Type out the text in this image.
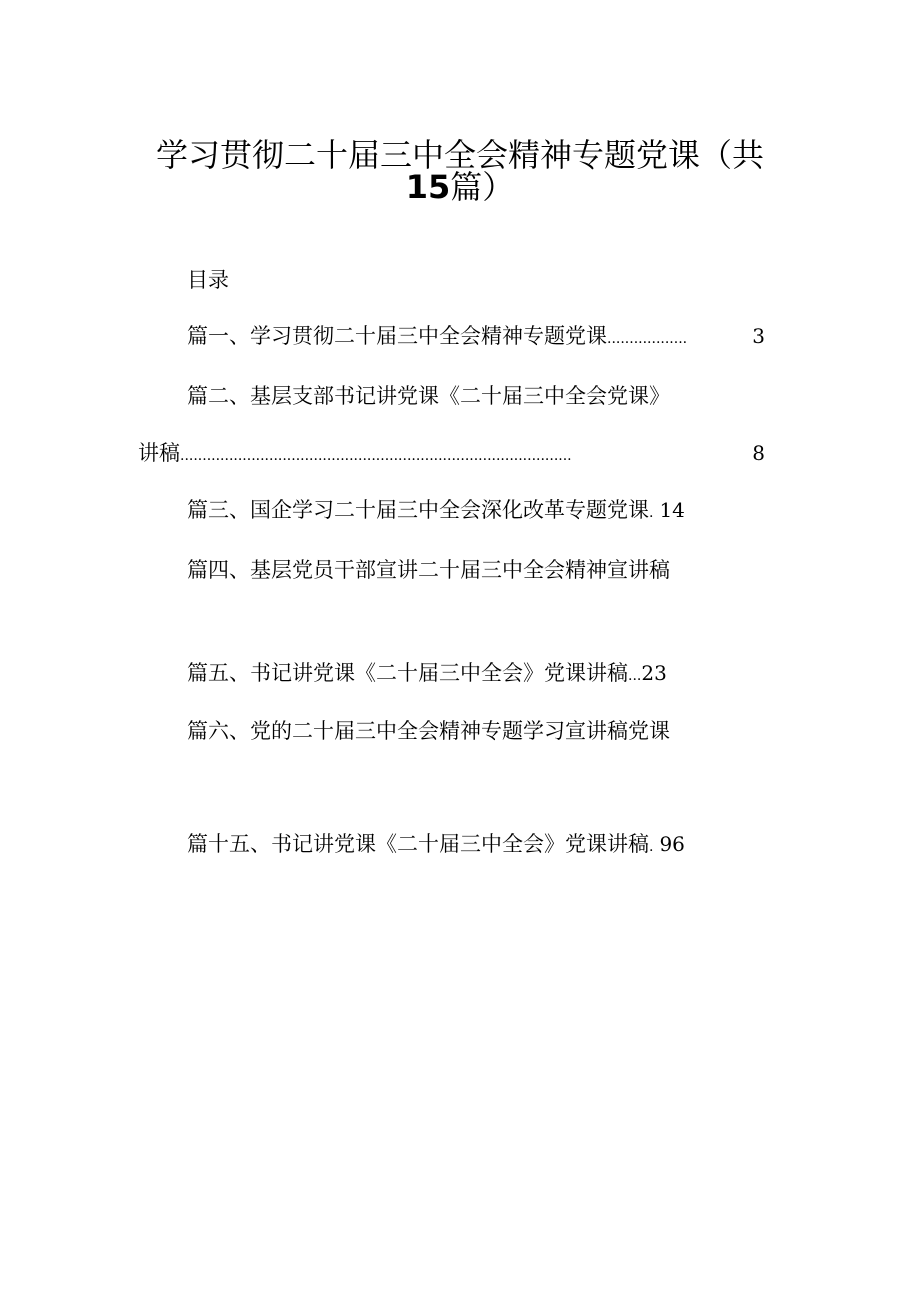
学习贯彻二十届三中全会精神专题党课（共
15篇）
目录
篇一、学习贯彻二十届三中全会精神专题党课 ..................	3
篇二、基层支部书记讲党课《二十届三中全会党课》
讲稿 ........................................................................................	8
篇三、国企学习二十届三中全会深化改革专题党课 . 14
篇四、基层党员干部宣讲二十届三中全会精神宣讲稿
篇五、书记讲党课《二十届三中全会》党课讲稿 ... 23
篇六、党的二十届三中全会精神专题学习宣讲稿党课
篇十五、书记讲党课《二十届三中全会》党课讲稿 . 96
